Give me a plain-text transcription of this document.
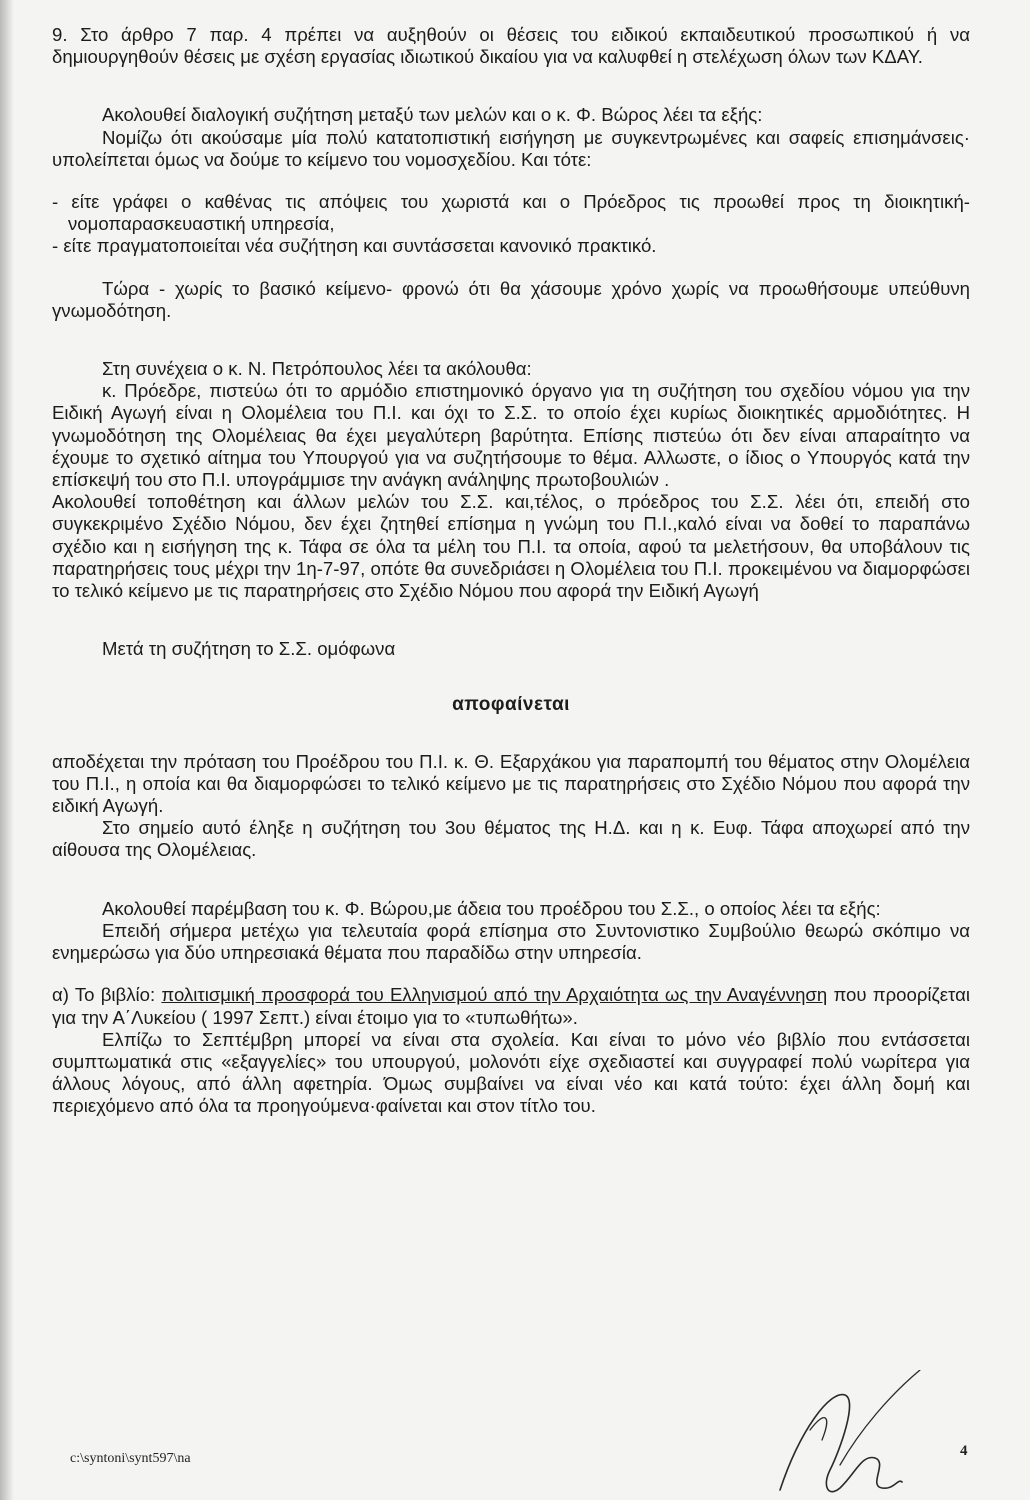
9. Στο άρθρο 7 παρ. 4 πρέπει να αυξηθούν οι θέσεις του ειδικού εκπαιδευτικού προσωπικού ή να δημιουργηθούν θέσεις με σχέση εργασίας ιδιωτικού δικαίου για να καλυφθεί η στελέχωση όλων των ΚΔΑΥ.

Ακολουθεί διαλογική συζήτηση μεταξύ των μελών και ο κ. Φ. Βώρος λέει τα εξής:

Νομίζω ότι ακούσαμε μία πολύ κατατοπιστική εισήγηση με συγκεντρωμένες και σαφείς επισημάνσεις· υπολείπεται όμως να δούμε το κείμενο του νομοσχεδίου. Και τότε:

- είτε γράφει ο καθένας τις απόψεις του χωριστά και ο Πρόεδρος τις προωθεί προς τη διοικητική- νομοπαρασκευαστική υπηρεσία,

- είτε πραγματοποιείται νέα συζήτηση και συντάσσεται κανονικό πρακτικό.

Τώρα - χωρίς το βασικό κείμενο- φρονώ ότι θα χάσουμε χρόνο χωρίς να προωθήσουμε υπεύθυνη γνωμοδότηση.

Στη συνέχεια ο κ. Ν. Πετρόπουλος λέει τα ακόλουθα:

κ. Πρόεδρε, πιστεύω ότι το αρμόδιο επιστημονικό όργανο για τη συζήτηση του σχεδίου νόμου για την Ειδική Αγωγή είναι η Ολομέλεια του Π.Ι. και όχι το Σ.Σ. το οποίο έχει κυρίως διοικητικές αρμοδιότητες. Η γνωμοδότηση της Ολομέλειας θα έχει μεγαλύτερη βαρύτητα. Επίσης πιστεύω ότι δεν είναι απαραίτητο να έχουμε το σχετικό αίτημα του Υπουργού για να συζητήσουμε το θέμα. Αλλωστε, ο ίδιος ο Υπουργός κατά την επίσκεψή του στο Π.Ι. υπογράμμισε την ανάγκη ανάληψης πρωτοβουλιών .

Ακολουθεί τοποθέτηση και άλλων μελών του Σ.Σ. και,τέλος, ο πρόεδρος του Σ.Σ. λέει ότι, επειδή στο συγκεκριμένο Σχέδιο Νόμου, δεν έχει ζητηθεί επίσημα η γνώμη του Π.Ι.,καλό είναι να δοθεί το παραπάνω σχέδιο και η εισήγηση της κ. Τάφα σε όλα τα μέλη του Π.Ι. τα οποία, αφού τα μελετήσουν, θα υποβάλουν τις παρατηρήσεις τους μέχρι την 1η-7-97, οπότε θα συνεδριάσει η Ολομέλεια του Π.Ι. προκειμένου να διαμορφώσει το τελικό κείμενο με τις παρατηρήσεις στο Σχέδιο Νόμου που αφορά την Ειδική Αγωγή

Μετά τη συζήτηση το Σ.Σ. ομόφωνα

αποφαίνεται

αποδέχεται την πρόταση του Προέδρου του Π.Ι. κ. Θ. Εξαρχάκου για παραπομπή του θέματος στην Ολομέλεια του Π.Ι., η οποία και θα διαμορφώσει το τελικό κείμενο με τις παρατηρήσεις στο Σχέδιο Νόμου που αφορά την ειδική Αγωγή.

Στο σημείο αυτό έληξε η συζήτηση του 3ου θέματος της Η.Δ. και η κ. Ευφ. Τάφα αποχωρεί από την αίθουσα της Ολομέλειας.

Ακολουθεί παρέμβαση του κ. Φ. Βώρου,με άδεια του προέδρου του Σ.Σ., ο οποίος λέει τα εξής:

Επειδή σήμερα μετέχω για τελευταία φορά επίσημα στο Συντονιστικο Συμβούλιο θεωρώ σκόπιμο να ενημερώσω για δύο υπηρεσιακά θέματα που παραδίδω στην υπηρεσία.

α) Το βιβλίο: πολιτισμική προσφορά του Ελληνισμού από την Αρχαιότητα ως την Αναγέννηση που προορίζεται για την Α΄Λυκείου ( 1997 Σεπτ.) είναι έτοιμο για το «τυπωθήτω».

Ελπίζω το Σεπτέμβρη μπορεί να είναι στα σχολεία. Και είναι το μόνο νέο βιβλίο που εντάσσεται συμπτωματικά στις «εξαγγελίες» του υπουργού, μολονότι είχε σχεδιαστεί και συγγραφεί πολύ νωρίτερα για άλλους λόγους, από άλλη αφετηρία. Όμως συμβαίνει να είναι νέο και κατά τούτο: έχει άλλη δομή και περιεχόμενο από όλα τα προηγούμενα·φαίνεται και στον τίτλο του.

c:\syntoni\synt597\na	4
